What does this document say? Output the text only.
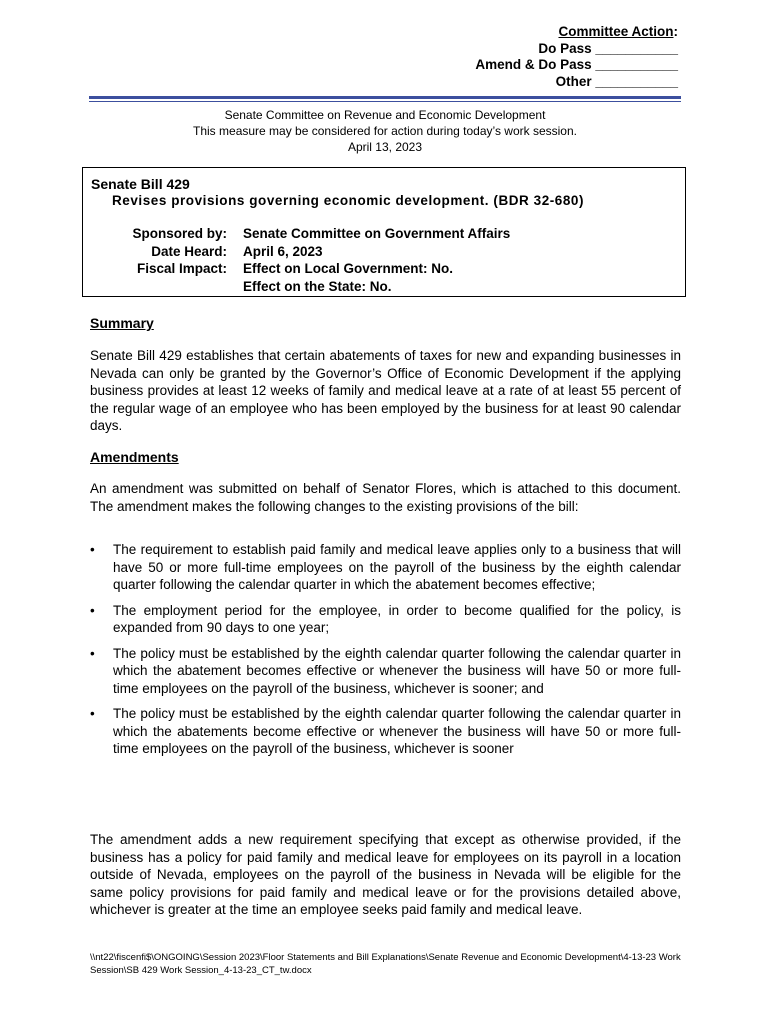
Committee Action:
Do Pass ___________
Amend & Do Pass ___________
Other ___________
Senate Committee on Revenue and Economic Development
This measure may be considered for action during today’s work session.
April 13, 2023
Senate Bill 429
Revises provisions governing economic development. (BDR 32-680)
Sponsored by:
Date Heard:
Fiscal Impact:
Senate Committee on Government Affairs
April 6, 2023
Effect on Local Government: No.
Effect on the State: No.
Summary
Senate Bill 429 establishes that certain abatements of taxes for new and expanding businesses in Nevada can only be granted by the Governor’s Office of Economic Development if the applying business provides at least 12 weeks of family and medical leave at a rate of at least 55 percent of the regular wage of an employee who has been employed by the business for at least 90 calendar days.
Amendments
An amendment was submitted on behalf of Senator Flores, which is attached to this document. The amendment makes the following changes to the existing provisions of the bill:
• The requirement to establish paid family and medical leave applies only to a business that will have 50 or more full-time employees on the payroll of the business by the eighth calendar quarter following the calendar quarter in which the abatement becomes effective;
• The employment period for the employee, in order to become qualified for the policy, is expanded from 90 days to one year;
• The policy must be established by the eighth calendar quarter following the calendar quarter in which the abatement becomes effective or whenever the business will have 50 or more full-time employees on the payroll of the business, whichever is sooner; and
• The policy must be established by the eighth calendar quarter following the calendar quarter in which the abatements become effective or whenever the business will have 50 or more full-time employees on the payroll of the business, whichever is sooner
The amendment adds a new requirement specifying that except as otherwise provided, if the business has a policy for paid family and medical leave for employees on its payroll in a location outside of Nevada, employees on the payroll of the business in Nevada will be eligible for the same policy provisions for paid family and medical leave or for the provisions detailed above, whichever is greater at the time an employee seeks paid family and medical leave.
\\nt22\fiscenfi$\ONGOING\Session 2023\Floor Statements and Bill Explanations\Senate Revenue and Economic Development\4-13-23 Work Session\SB 429 Work Session_4-13-23_CT_tw.docx
